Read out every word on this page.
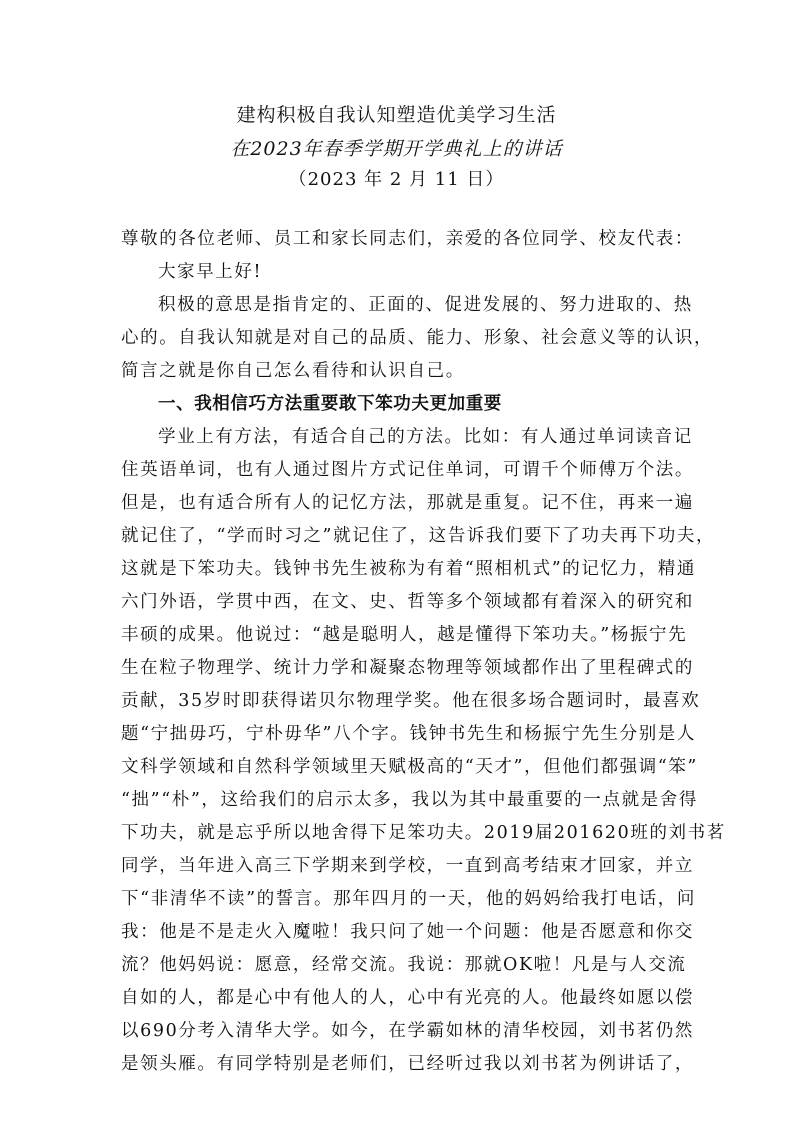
建构积极自我认知塑造优美学习生活
在2023年春季学期开学典礼上的讲话
（2023 年 2 月 11 日）
尊敬的各位老师、员工和家长同志们，亲爱的各位同学、校友代表：
大家早上好!
积极的意思是指肯定的、正面的、促进发展的、努力进取的、热
心的。自我认知就是对自己的品质、能力、形象、社会意义等的认识，
简言之就是你自己怎么看待和认识自己。
一、我相信巧方法重要敢下笨功夫更加重要
学业上有方法，有适合自己的方法。比如：有人通过单词读音记
住英语单词，也有人通过图片方式记住单词，可谓千个师傅万个法。
但是，也有适合所有人的记忆方法，那就是重复。记不住，再来一遍
就记住了，“学而时习之”就记住了，这告诉我们要下了功夫再下功夫，
这就是下笨功夫。钱钟书先生被称为有着“照相机式”的记忆力，精通
六门外语，学贯中西，在文、史、哲等多个领域都有着深入的研究和
丰硕的成果。他说过：“越是聪明人，越是懂得下笨功夫。”杨振宁先
生在粒子物理学、统计力学和凝聚态物理等领域都作出了里程碑式的
贡献，35岁时即获得诺贝尔物理学奖。他在很多场合题词时，最喜欢
题“宁拙毋巧，宁朴毋华”八个字。钱钟书先生和杨振宁先生分别是人
文科学领域和自然科学领域里天赋极高的“天才”，但他们都强调“笨”
“拙”“朴”，这给我们的启示太多，我以为其中最重要的一点就是舍得
下功夫，就是忘乎所以地舍得下足笨功夫。2019届201620班的刘书茗
同学，当年进入高三下学期来到学校，一直到高考结束才回家，并立
下“非清华不读”的誓言。那年四月的一天，他的妈妈给我打电话，问
我：他是不是走火入魔啦！我只问了她一个问题：他是否愿意和你交
流？他妈妈说：愿意，经常交流。我说：那就OK啦！凡是与人交流
自如的人，都是心中有他人的人，心中有光亮的人。他最终如愿以偿
以690分考入清华大学。如今，在学霸如林的清华校园，刘书茗仍然
是领头雁。有同学特别是老师们，已经听过我以刘书茗为例讲话了，
